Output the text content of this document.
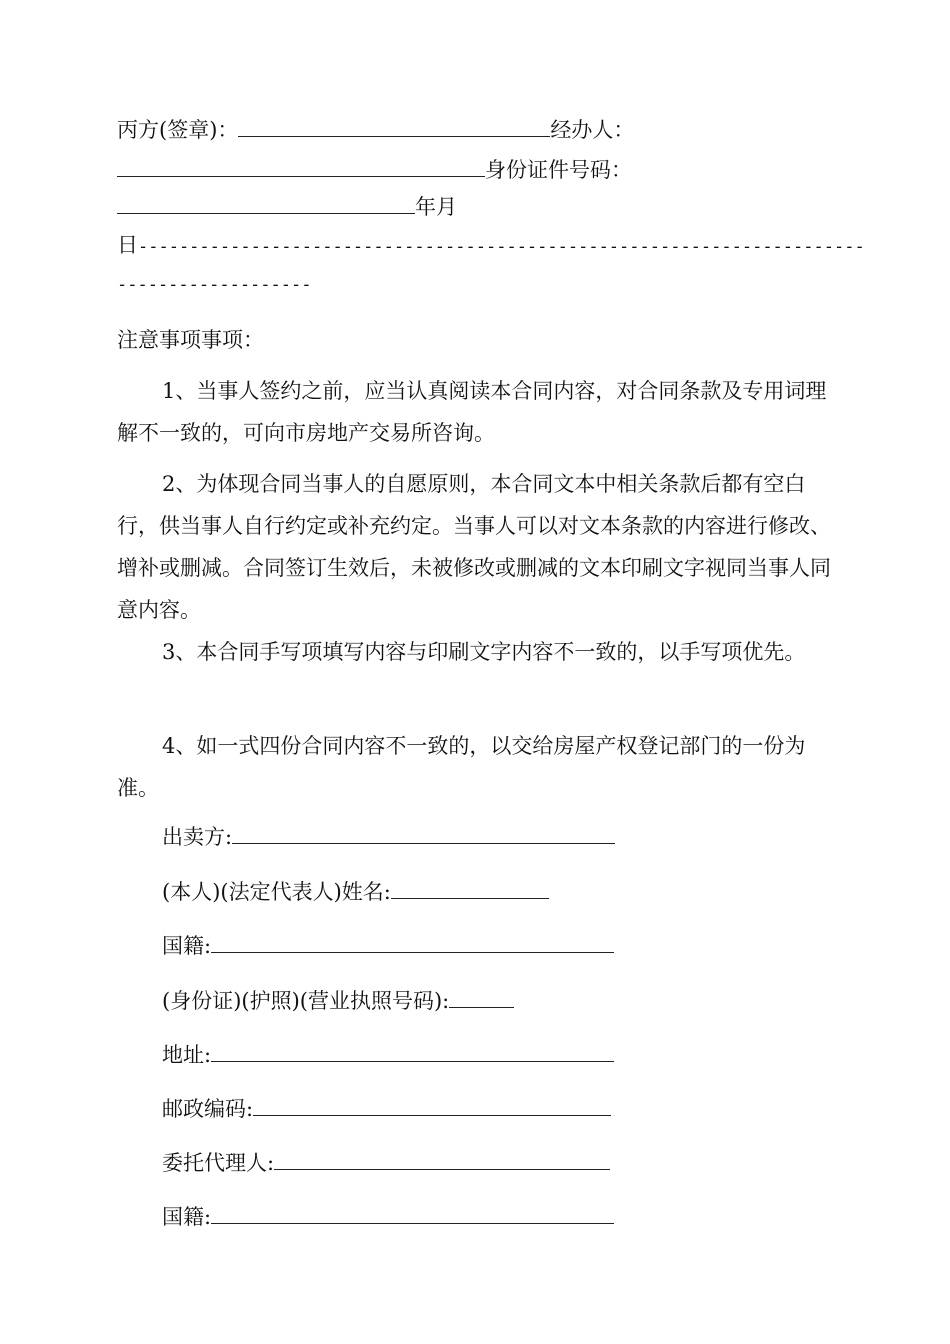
丙方(签章)：	经办人：
身份证件号码：
年月
日-----------------------------------------------------------------------
-------------------
注意事项事项：
1、当事人签约之前，应当认真阅读本合同内容，对合同条款及专用词理解不一致的，可向市房地产交易所咨询。
2、为体现合同当事人的自愿原则，本合同文本中相关条款后都有空白行，供当事人自行约定或补充约定。当事人可以对文本条款的内容进行修改、增补或删减。合同签订生效后，未被修改或删减的文本印刷文字视同当事人同意内容。
3、本合同手写项填写内容与印刷文字内容不一致的，以手写项优先。
4、如一式四份合同内容不一致的，以交给房屋产权登记部门的一份为准。
出卖方:
(本人)(法定代表人)姓名:
国籍:
(身份证)(护照)(营业执照号码):
地址:
邮政编码:
委托代理人:
国籍:
